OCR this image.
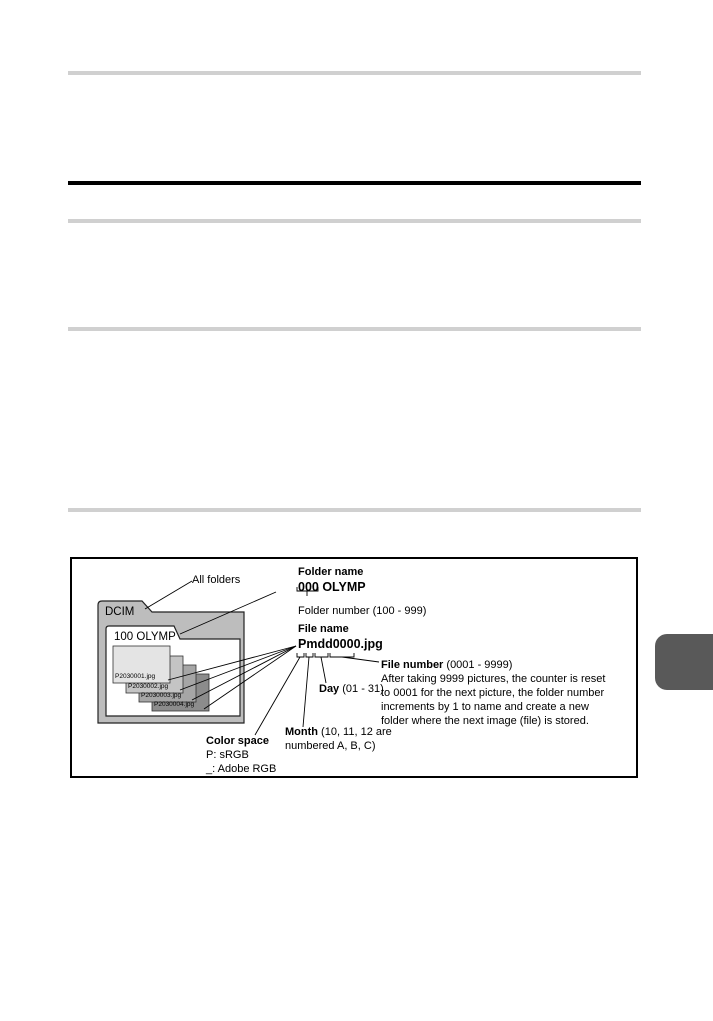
All folders
DCIM
100 OLYMP
P2030001.jpg
P2030002.jpg
P2030003.jpg
P2030004.jpg
Folder name
000 OLYMP
Folder number (100 - 999)
File name
Pmdd0000.jpg
File number (0001 - 9999)
After taking 9999 pictures, the counter is reset
to 0001 for the next picture, the folder number
increments by 1 to name and create a new
folder where the next image (file) is stored.
Day (01 - 31)
Month (10, 11, 12 are
numbered A, B, C)
Color space
P: sRGB
_: Adobe RGB
